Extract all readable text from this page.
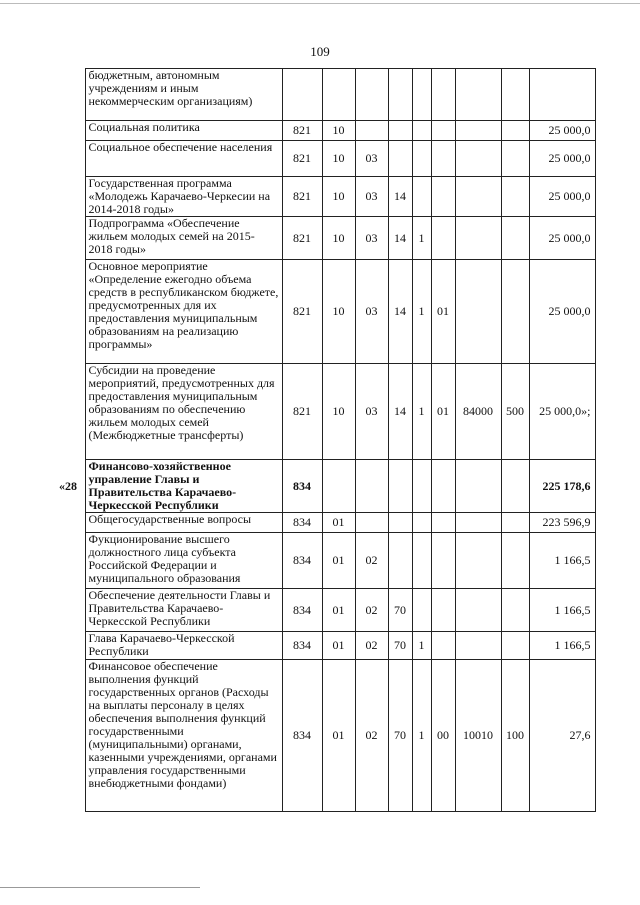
109
	бюджетным, автономным учреждениям и иным некоммерческим организациям)									
	Социальная политика	821	10							25 000,0
	Социальное обеспечение населения	821	10	03						25 000,0
	Государственная программа «Молодежь Карачаево-Черкесии на 2014-2018 годы»	821	10	03	14					25 000,0
	Подпрограмма «Обеспечение жильем молодых семей на 2015-2018 годы»	821	10	03	14	1				25 000,0
	Основное мероприятие «Определение ежегодно объема средств в республиканском бюджете, предусмотренных для их предоставления муниципальным образованиям на реализацию программы»	821	10	03	14	1	01			25 000,0
	Субсидии на проведение мероприятий, предусмотренных для предоставления муниципальным образованиям по обеспечению жильем молодых семей (Межбюджетные трансферты)	821	10	03	14	1	01	84000	500	25 000,0»;
«28	Финансово-хозяйственное управление Главы и Правительства Карачаево-Черкесской Республики	834								225 178,6
	Общегосударственные вопросы	834	01							223 596,9
	Фукционирование высшего должностного лица субъекта Российской Федерации и муниципального образования	834	01	02						1 166,5
	Обеспечение деятельности Главы и Правительства Карачаево-Черкесской Республики	834	01	02	70					1 166,5
	Глава Карачаево-Черкесской Республики	834	01	02	70	1				1 166,5
	Финансовое обеспечение выполнения функций государственных органов (Расходы на выплаты персоналу в целях обеспечения выполнения функций государственными (муниципальными) органами, казенными учреждениями, органами управления государственными внебюджетными фондами)	834	01	02	70	1	00	10010	100	27,6
